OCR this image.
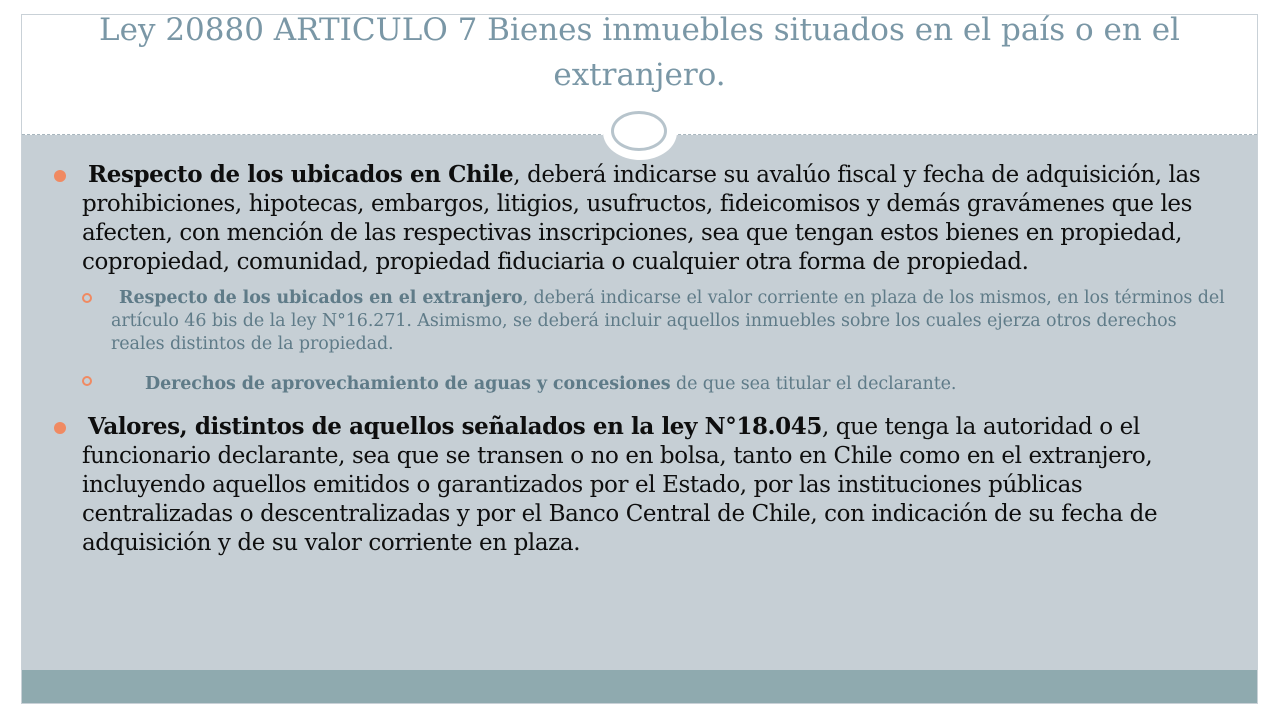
Ley 20880 ARTICULO 7 Bienes inmuebles situados en el país o en el extranjero.
Respecto de los ubicados en Chile, deberá indicarse su avalúo fiscal y fecha de adquisición, las prohibiciones, hipotecas, embargos, litigios, usufructos, fideicomisos y demás gravámenes que les afecten, con mención de las respectivas inscripciones, sea que tengan estos bienes en propiedad, copropiedad, comunidad, propiedad fiduciaria o cualquier otra forma de propiedad.
Respecto de los ubicados en el extranjero, deberá indicarse el valor corriente en plaza de los mismos, en los términos del artículo 46 bis de la ley N°16.271. Asimismo, se deberá incluir aquellos inmuebles sobre los cuales ejerza otros derechos reales distintos de la propiedad.
Derechos de aprovechamiento de aguas y concesiones de que sea titular el declarante.
Valores, distintos de aquellos señalados en la ley N°18.045, que tenga la autoridad o el funcionario declarante, sea que se transen o no en bolsa, tanto en Chile como en el extranjero, incluyendo aquellos emitidos o garantizados por el Estado, por las instituciones públicas centralizadas o descentralizadas y por el Banco Central de Chile, con indicación de su fecha de adquisición y de su valor corriente en plaza.
